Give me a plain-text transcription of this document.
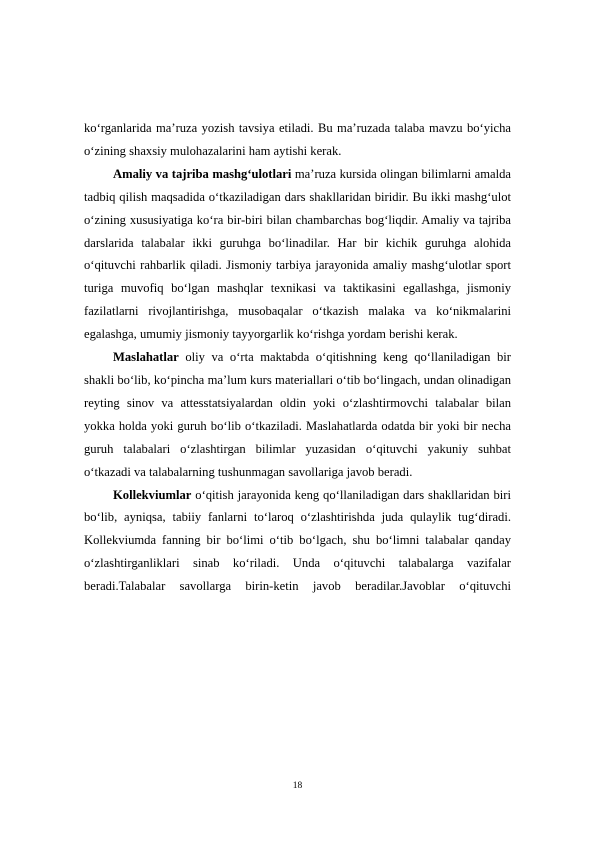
ko‘rganlarida ma’ruza yozish tavsiya etiladi. Bu ma’ruzada talaba mavzu bo‘yicha o‘zining shaxsiy mulohazalarini ham aytishi kerak.

Amaliy va tajriba mashg‘ulotlari ma’ruza kursida olingan bilimlarni amalda tadbiq qilish maqsadida o‘tkaziladigan dars shakllaridan biridir. Bu ikki mashg‘ulot o‘zining xususiyatiga ko‘ra bir-biri bilan chambarchas bog‘liqdir. Amaliy va tajriba darslarida talabalar ikki guruhga bo‘linadilar. Har bir kichik guruhga alohida o‘qituvchi rahbarlik qiladi. Jismoniy tarbiya jarayonida amaliy mashg‘ulotlar sport turiga muvofiq bo‘lgan mashqlar texnikasi va taktikasini egallashga, jismoniy fazilatlarni rivojlantirishga, musobaqalar o‘tkazish malaka va ko‘nikmalarini egalashga, umumiy jismoniy tayyorgarlik ko‘rishga yordam berishi kerak.

Maslahatlar oliy va o‘rta maktabda o‘qitishning keng qo‘llaniladigan bir shakli bo‘lib, ko‘pincha ma’lum kurs materiallari o‘tib bo‘lingach, undan olinadigan reyting sinov va attesstatsiyalardan oldin yoki o‘zlashtirmovchi talabalar bilan yokka holda yoki guruh bo‘lib o‘tkaziladi. Maslahatlarda odatda bir yoki bir necha guruh talabalari o‘zlashtirgan bilimlar yuzasidan o‘qituvchi yakuniy suhbat o‘tkazadi va talabalarning tushunmagan savollariga javob beradi.

Kollekviumlar o‘qitish jarayonida keng qo‘llaniladigan dars shakllaridan biri bo‘lib, ayniqsa, tabiiy fanlarni to‘laroq o‘zlashtirishda juda qulaylik tug‘diradi. Kollekviumda fanning bir bo‘limi o‘tib bo‘lgach, shu bo‘limni talabalar qanday o‘zlashtirganliklari sinab ko‘riladi. Unda o‘qituvchi talabalarga vazifalar beradi.Talabalar savollarga birin-ketin javob beradilar.Javoblar o‘qituvchi

18
